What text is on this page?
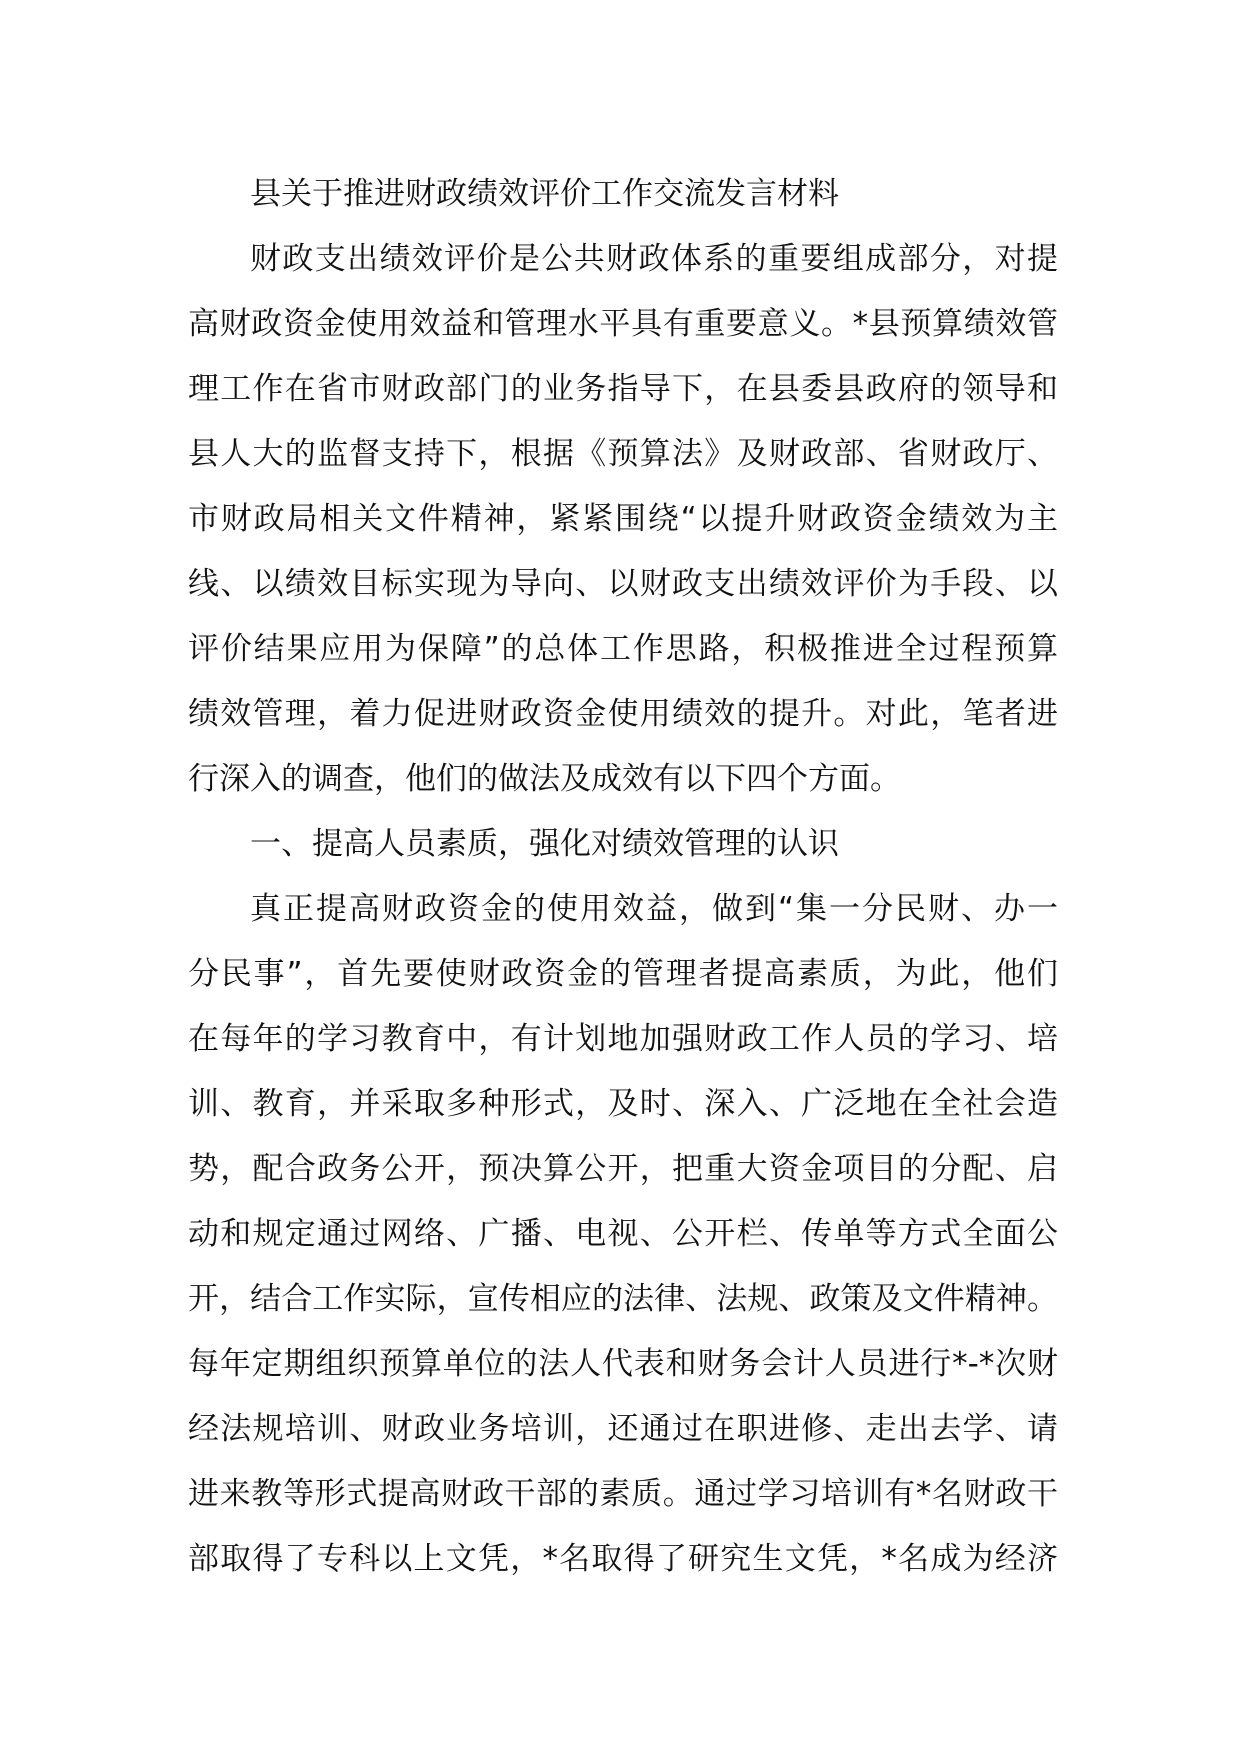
县关于推进财政绩效评价工作交流发言材料
财政支出绩效评价是公共财政体系的重要组成部分，对提
高财政资金使用效益和管理水平具有重要意义。*县预算绩效管
理工作在省市财政部门的业务指导下，在县委县政府的领导和
县人大的监督支持下，根据《预算法》及财政部、省财政厅、
市财政局相关文件精神，紧紧围绕“以提升财政资金绩效为主
线、以绩效目标实现为导向、以财政支出绩效评价为手段、以
评价结果应用为保障”的总体工作思路，积极推进全过程预算
绩效管理，着力促进财政资金使用绩效的提升。对此，笔者进
行深入的调查，他们的做法及成效有以下四个方面。
一、提高人员素质，强化对绩效管理的认识
真正提高财政资金的使用效益，做到“集一分民财、办一
分民事”，首先要使财政资金的管理者提高素质，为此，他们
在每年的学习教育中，有计划地加强财政工作人员的学习、培
训、教育，并采取多种形式，及时、深入、广泛地在全社会造
势，配合政务公开，预决算公开，把重大资金项目的分配、启
动和规定通过网络、广播、电视、公开栏、传单等方式全面公
开，结合工作实际，宣传相应的法律、法规、政策及文件精神。
每年定期组织预算单位的法人代表和财务会计人员进行*-*次财
经法规培训、财政业务培训，还通过在职进修、走出去学、请
进来教等形式提高财政干部的素质。通过学习培训有*名财政干
部取得了专科以上文凭，*名取得了研究生文凭，*名成为经济
